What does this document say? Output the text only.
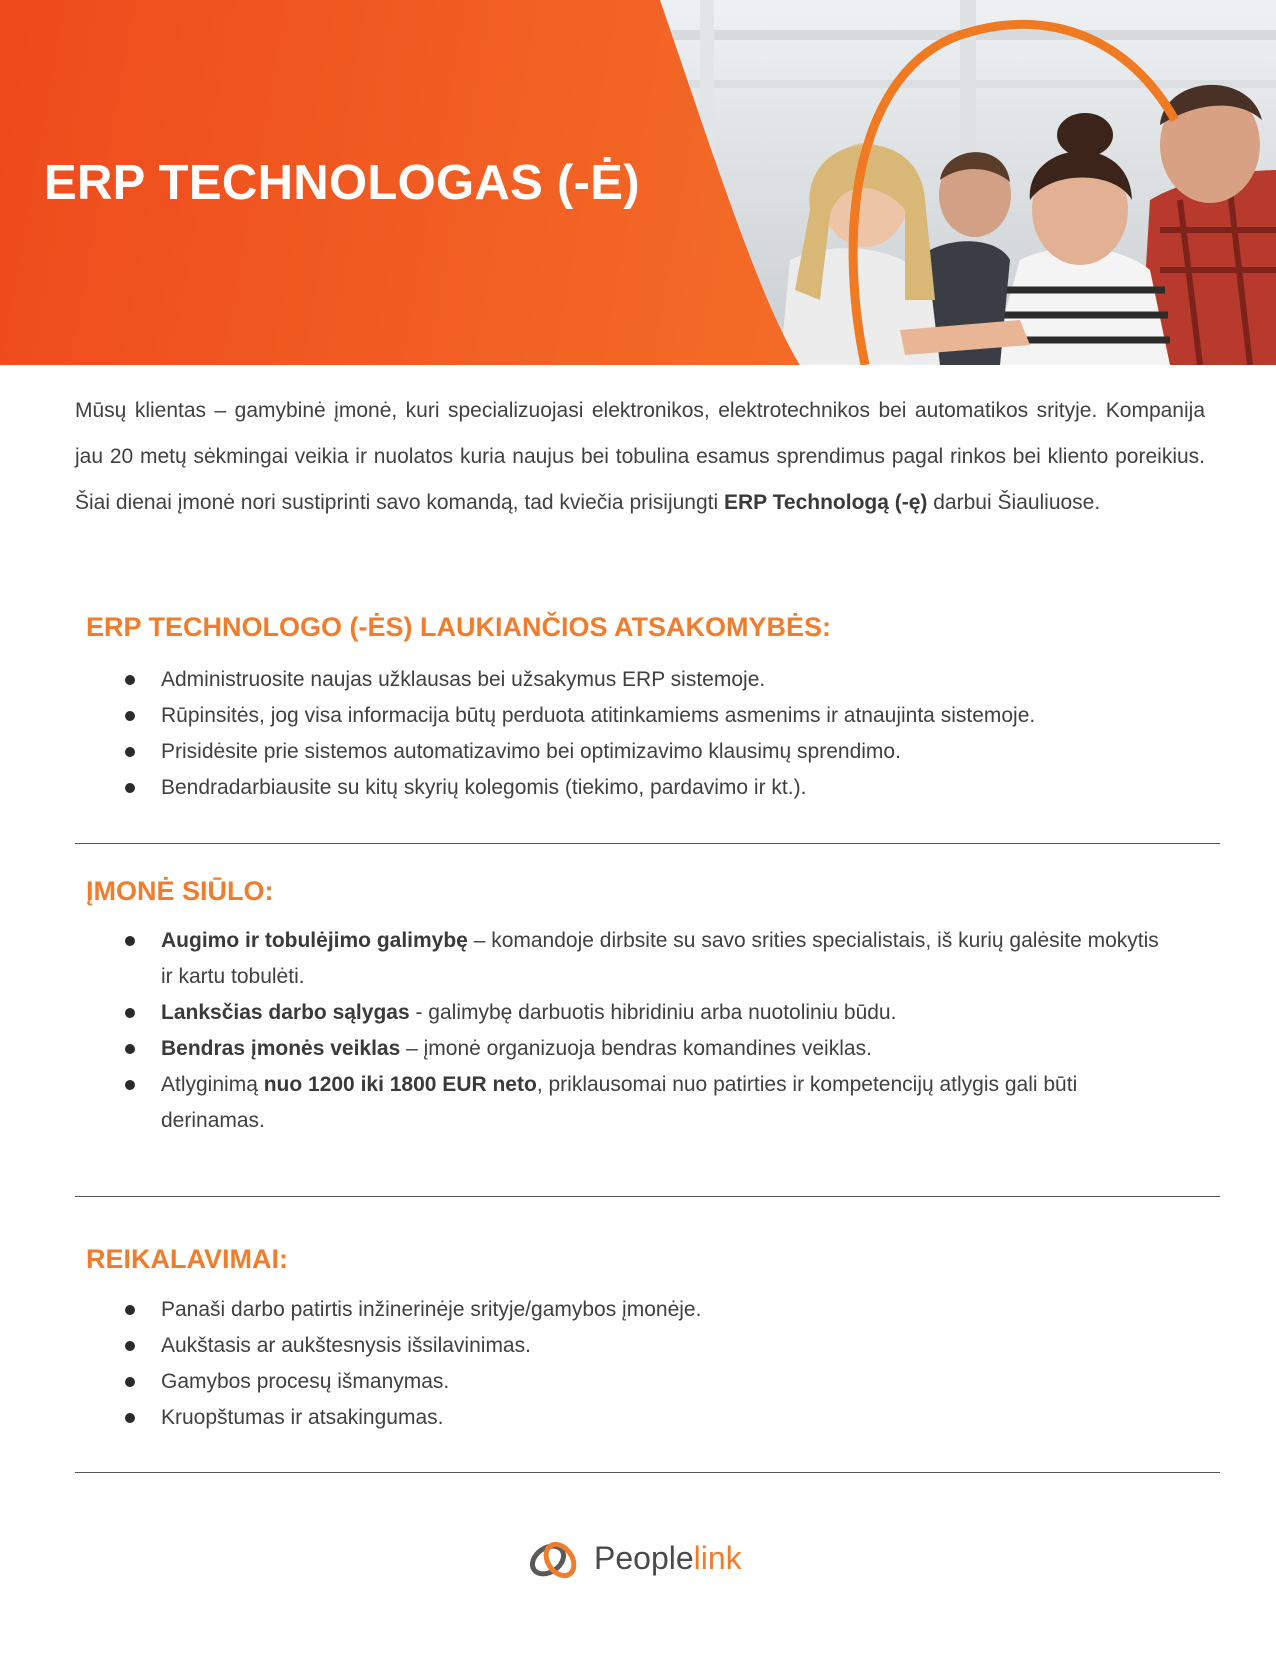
ERP TECHNOLOGAS (-Ė)

Mūsų klientas – gamybinė įmonė, kuri specializuojasi elektronikos, elektrotechnikos bei automatikos srityje. Kompanija jau 20 metų sėkmingai veikia ir nuolatos kuria naujus bei tobulina esamus sprendimus pagal rinkos bei kliento poreikius. Šiai dienai įmonė nori sustiprinti savo komandą, tad kviečia prisijungti ERP Technologą (-ę) darbui Šiauliuose.

ERP TECHNOLOGO (-ĖS) LAUKIANČIOS ATSAKOMYBĖS:
Administruosite naujas užklausas bei užsakymus ERP sistemoje.
Rūpinsitės, jog visa informacija būtų perduota atitinkamiems asmenims ir atnaujinta sistemoje.
Prisidėsite prie sistemos automatizavimo bei optimizavimo klausimų sprendimo.
Bendradarbiausite su kitų skyrių kolegomis (tiekimo, pardavimo ir kt.).
ĮMONĖ SIŪLO:
Augimo ir tobulėjimo galimybę – komandoje dirbsite su savo srities specialistais, iš kurių galėsite mokytis ir kartu tobulėti.
Lanksčias darbo sąlygas - galimybę darbuotis hibridiniu arba nuotoliniu būdu.
Bendras įmonės veiklas – įmonė organizuoja bendras komandines veiklas.
Atlyginimą nuo 1200 iki 1800 EUR neto, priklausomai nuo patirties ir kompetencijų atlygis gali būti derinamas.
REIKALAVIMAI:
Panaši darbo patirtis inžinerinėje srityje/gamybos įmonėje.
Aukštasis ar aukštesnysis išsilavinimas.
Gamybos procesų išmanymas.
Kruopštumas ir atsakingumas.
Peoplelink
